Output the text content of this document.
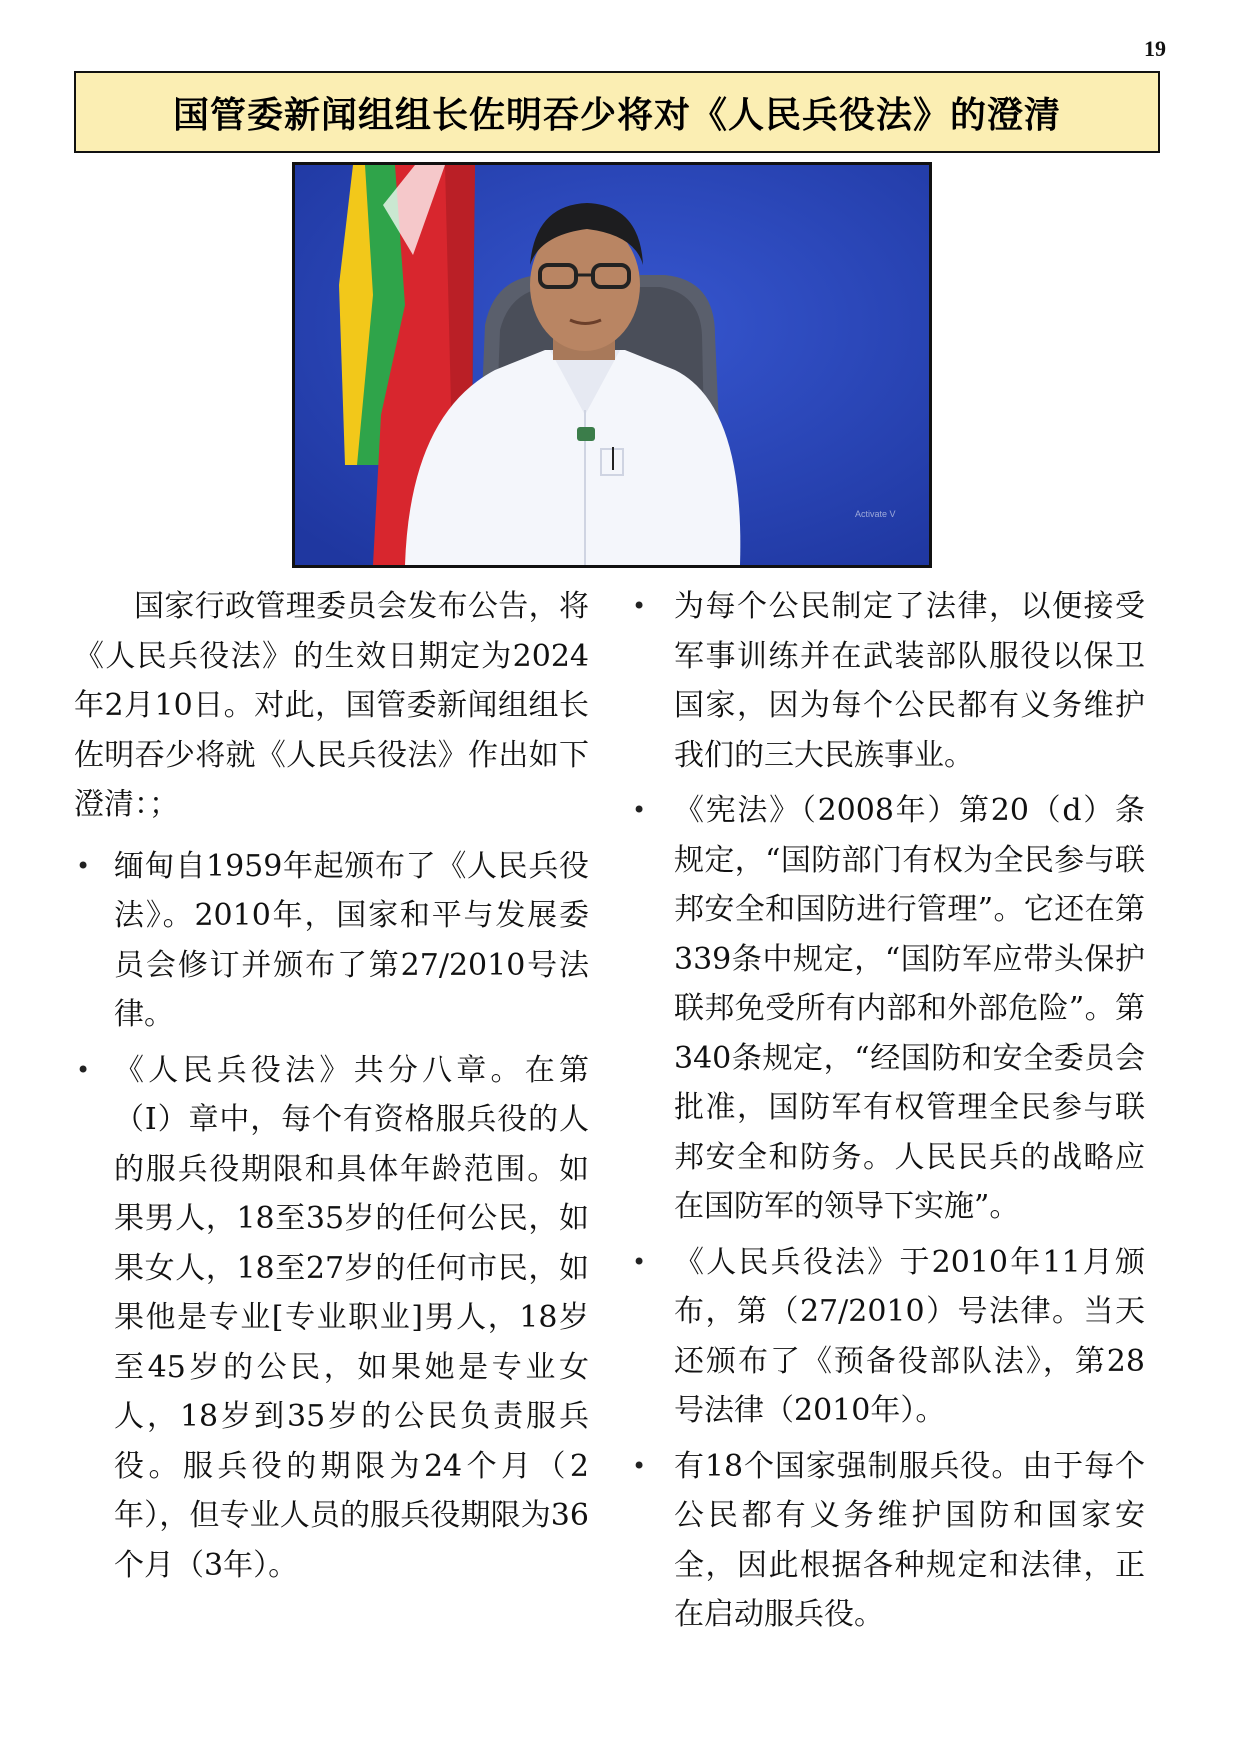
19
国管委新闻组组长佐明吞少将对《人民兵役法》的澄清
Activate V

国家行政管理委员会发布公告，将《人民兵役法》的生效日期定为2024年2月10日。对此，国管委新闻组组长佐明吞少将就《人民兵役法》作出如下澄清：；

• 缅甸自1959年起颁布了《人民兵役法》。2010年，国家和平与发展委员会修订并颁布了第27/2010号法律。
• 《人民兵役法》共分八章。在第（I）章中，每个有资格服兵役的人的服兵役期限和具体年龄范围。如果男人，18至35岁的任何公民，如果女人，18至27岁的任何市民，如果他是专业[专业职业]男人，18岁至45岁的公民，如果她是专业女人，18岁到35岁的公民负责服兵役。服兵役的期限为24个月（2年），但专业人员的服兵役期限为36个月（3年）。
• 为每个公民制定了法律，以便接受军事训练并在武装部队服役以保卫国家，因为每个公民都有义务维护我们的三大民族事业。
• 《宪法》（2008年）第20（d）条规定，“国防部门有权为全民参与联邦安全和国防进行管理”。它还在第339条中规定，“国防军应带头保护联邦免受所有内部和外部危险”。第340条规定，“经国防和安全委员会批准，国防军有权管理全民参与联邦安全和防务。人民民兵的战略应在国防军的领导下实施”。
• 《人民兵役法》于2010年11月颁布，第（27/2010）号法律。当天还颁布了《预备役部队法》，第28号法律（2010年）。
• 有18个国家强制服兵役。由于每个公民都有义务维护国防和国家安全，因此根据各种规定和法律，正在启动服兵役。
